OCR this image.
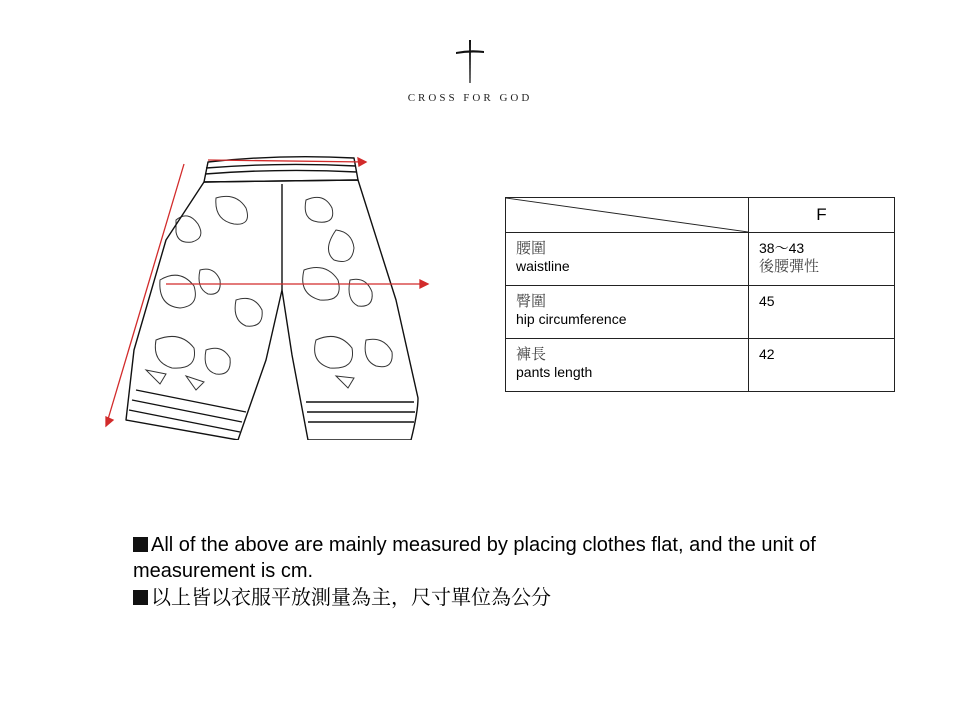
CROSS FOR GOD
	F

腰圍
waistline	38～43
後腰彈性

臀圍
hip circumference	45

褲長
pants length	42

All of the above are mainly measured by placing clothes flat, and the unit of measurement is cm.

以上皆以衣服平放測量為主，尺寸單位為公分
